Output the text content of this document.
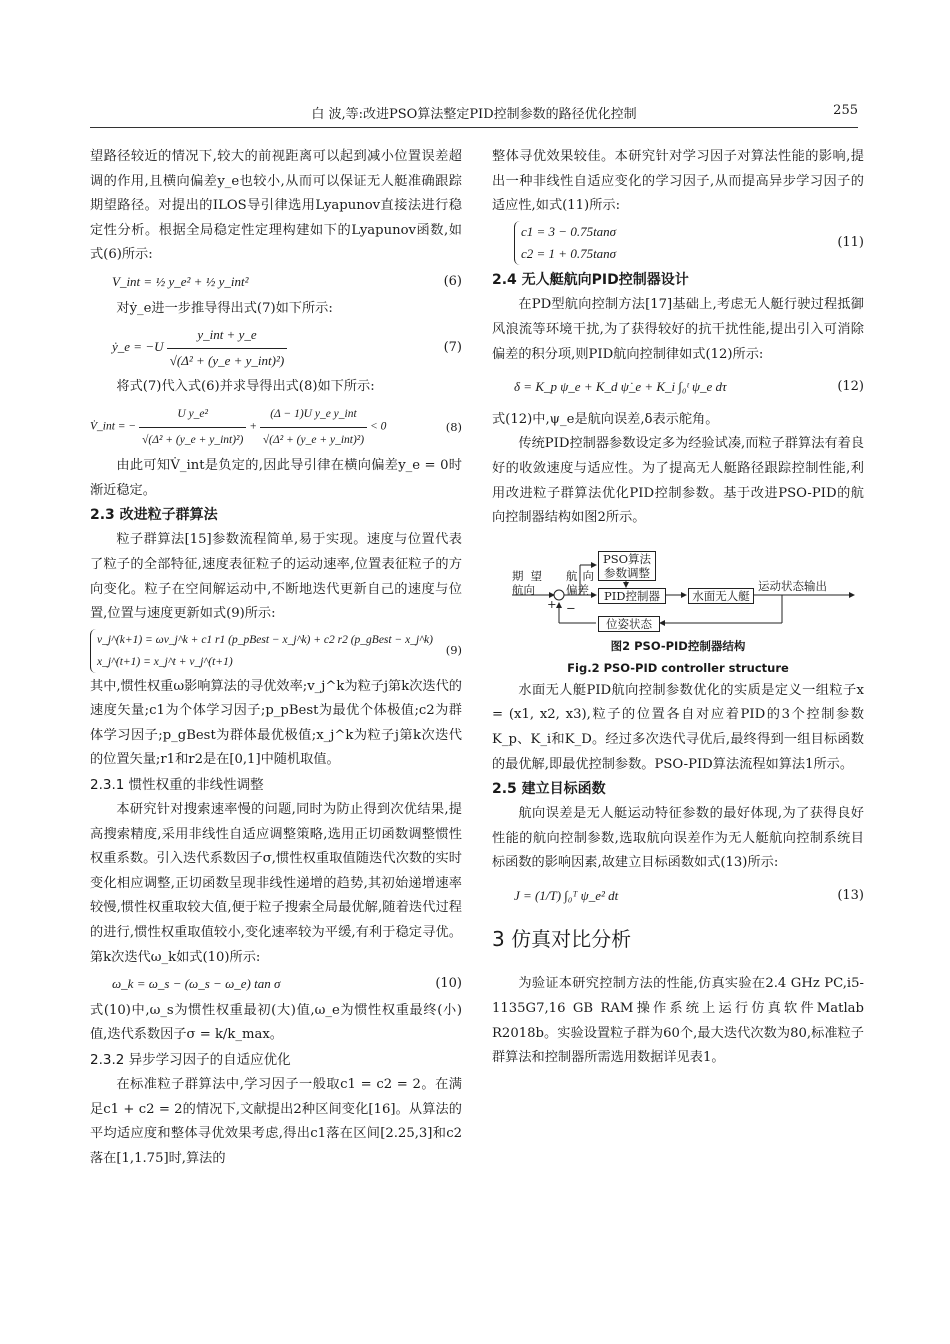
白 波,等:改进PSO算法整定PID控制参数的路径优化控制	255

望路径较近的情况下,较大的前视距离可以起到减小位置误差超调的作用,且横向偏差y_e也较小,从而可以保证无人艇准确跟踪期望路径。对提出的ILOS导引律选用Lyapunov直接法进行稳定性分析。根据全局稳定性定理构建如下的Lyapunov函数,如式(6)所示:

V_int = ½ y_e² + ½ y_int²	(6)

对ẏ_e进一步推导得出式(7)如下所示:

ẏ_e = $-U \frac{\text{y\_int + y\_e}}{\text{√(Δ² + (y\_e + y\_int)²)}}$	(7)

将式(7)代入式(6)并求导得出式(8)如下所示:

V̇_int = − $\frac{\text{U y\_e²}}{\text{√(Δ² + (y\_e + y\_int)²)}} + \frac{\text{(Δ − 1)U y\_e y\_int}}{\text{√(Δ² + (y\_e + y\_int)²)}} < 0$	(8)

由此可知V̇_int是负定的,因此导引律在横向偏差y_e = 0时渐近稳定。

2.3 改进粒子群算法

粒子群算法[15]参数流程简单,易于实现。速度与位置代表了粒子的全部特征,速度表征粒子的运动速率,位置表征粒子的方向变化。粒子在空间解运动中,不断地迭代更新自己的速度与位置,位置与速度更新如式(9)所示:

v_j^(k+1) = ωv_j^k + c1 r1 (p_pBest − x_j^k) + c2 r2 (p_gBest − x_j^k)
x_j^(t+1) = x_j^t + v_j^(t+1)
(9)

其中,惯性权重ω影响算法的寻优效率;v_j^k为粒子j第k次迭代的速度矢量;c1为个体学习因子;p_pBest为最优个体极值;c2为群体学习因子;p_gBest为群体最优极值;x_j^k为粒子j第k次迭代的位置矢量;r1和r2是在[0,1]中随机取值。

2.3.1 惯性权重的非线性调整

本研究针对搜索速率慢的问题,同时为防止得到次优结果,提高搜索精度,采用非线性自适应调整策略,选用正切函数调整惯性权重系数。引入迭代系数因子σ,惯性权重取值随迭代次数的实时变化相应调整,正切函数呈现非线性递增的趋势,其初始递增速率较慢,惯性权重取较大值,便于粒子搜索全局最优解,随着迭代过程的进行,惯性权重取值较小,变化速率较为平缓,有利于稳定寻优。第k次迭代ω_k如式(10)所示:

ω_k = ω_s − (ω_s − ω_e) tan σ	(10)

式(10)中,ω_s为惯性权重最初(大)值,ω_e为惯性权重最终(小)值,迭代系数因子σ = k/k_max。

2.3.2 异步学习因子的自适应优化

在标准粒子群算法中,学习因子一般取c1 = c2 = 2。在满足c1 + c2 = 2的情况下,文献提出2种区间变化[16]。从算法的平均适应度和整体寻优效果考虑,得出c1落在区间[2.25,3]和c2落在[1,1.75]时,算法的

整体寻优效果较佳。本研究针对学习因子对算法性能的影响,提出一种非线性自适应变化的学习因子,从而提高异步学习因子的适应性,如式(11)所示:

c1 = 3 − 0.75tanσ
c2 = 1 + 0.75tanσ
(11)
2.4 无人艇航向PID控制器设计

在PD型航向控制方法[17]基础上,考虑无人艇行驶过程抵御风浪流等环境干扰,为了获得较好的抗干扰性能,提出引入可消除偏差的积分项,则PID航向控制律如式(12)所示:

δ = K_p ψ_e + K_d ψ̇_e + K_i ∫₀ᵗ ψ_e dτ	(12)

式(12)中,ψ_e是航向误差,δ表示舵角。

传统PID控制器参数设定多为经验试凑,而粒子群算法有着良好的收敛速度与适应性。为了提高无人艇路径跟踪控制性能,利用改进粒子群算法优化PID控制参数。基于改进PSO-PID的航向控制器结构如图2所示。

PSO算法参数调整
PID控制器	水面无人艇
位姿状态
期望航向
航向偏差	运动状态输出
+ −
图2 PSO-PID控制器结构
Fig.2 PSO-PID controller structure

水面无人艇PID航向控制参数优化的实质是定义一组粒子x = (x1, x2, x3),粒子的位置各自对应着PID的3个控制参数K_p、K_i和K_D。经过多次迭代寻优后,最终得到一组目标函数的最优解,即最优控制参数。PSO-PID算法流程如算法1所示。

2.5 建立目标函数

航向误差是无人艇运动特征参数的最好体现,为了获得良好性能的航向控制参数,选取航向误差作为无人艇航向控制系统目标函数的影响因素,故建立目标函数如式(13)所示:

J = (1/T) ∫₀ᵀ ψ_e² dt	(13)
3 仿真对比分析

为验证本研究控制方法的性能,仿真实验在2.4 GHz PC,i5-1135G7,16 GB RAM操作系统上运行仿真软件Matlab R2018b。实验设置粒子群为60个,最大迭代次数为80,标准粒子群算法和控制器所需选用数据详见表1。
